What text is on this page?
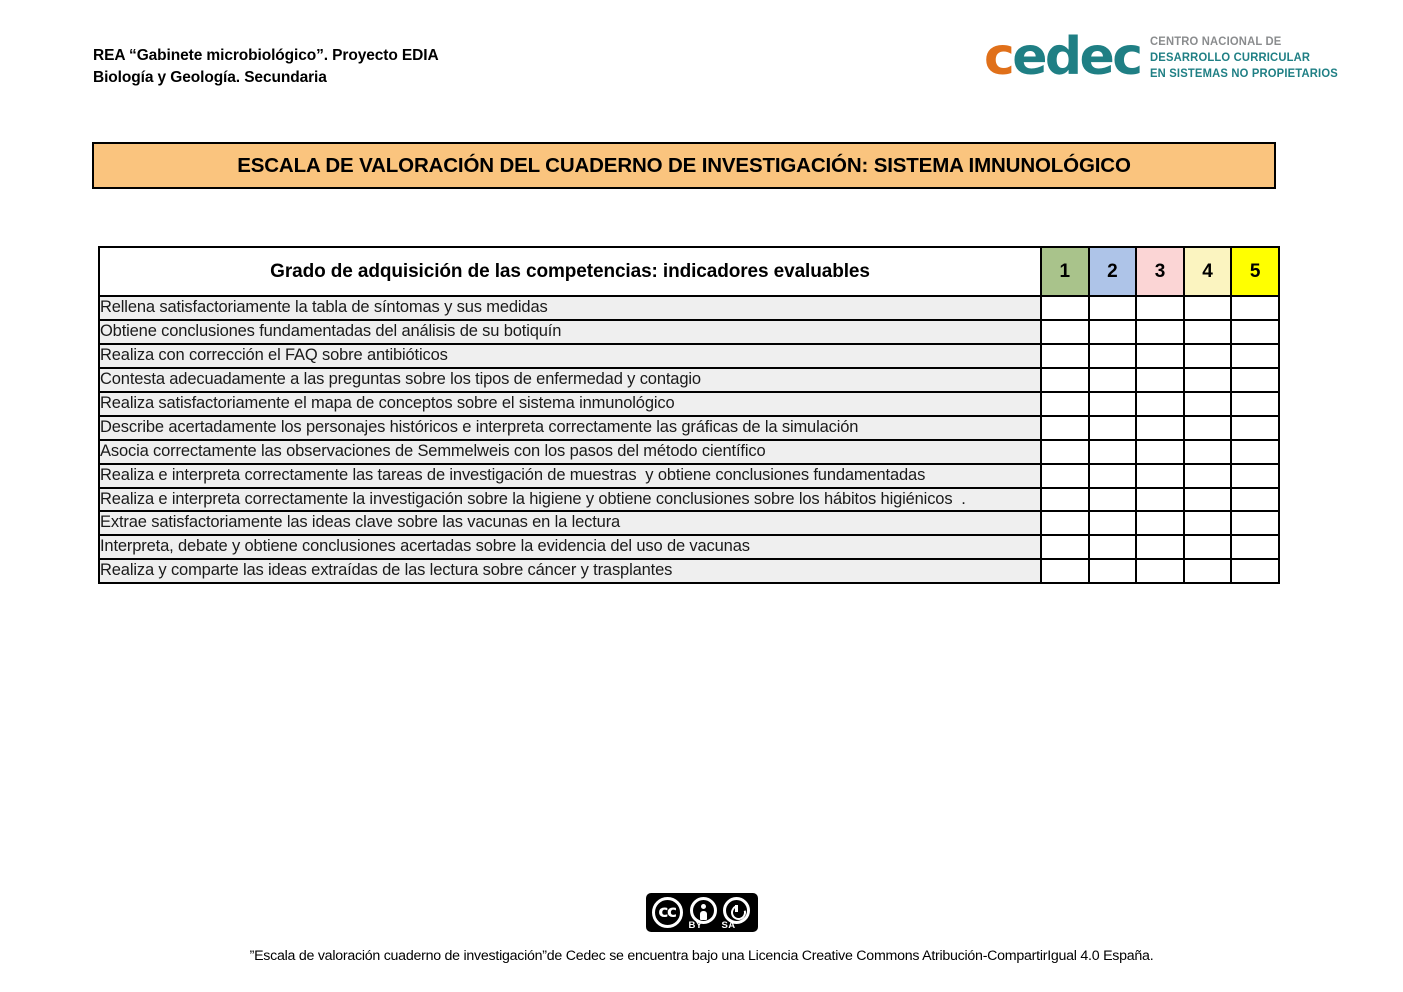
REA “Gabinete microbiológico”. Proyecto EDIA
Biología y Geología. Secundaria	cedec CENTRO NACIONAL DE
DESARROLLO CURRICULAR
EN SISTEMAS NO PROPIETARIOS
ESCALA DE VALORACIÓN DEL CUADERNO DE INVESTIGACIÓN: SISTEMA IMNUNOLÓGICO
Grado de adquisición de las competencias: indicadores evaluables	1	2	3	4	5
Rellena satisfactoriamente la tabla de síntomas y sus medidas					
Obtiene conclusiones fundamentadas del análisis de su botiquín					
Realiza con corrección el FAQ sobre antibióticos					
Contesta adecuadamente a las preguntas sobre los tipos de enfermedad y contagio					
Realiza satisfactoriamente el mapa de conceptos sobre el sistema inmunológico					
Describe acertadamente los personajes históricos e interpreta correctamente las gráficas de la simulación					
Asocia correctamente las observaciones de Semmelweis con los pasos del método científico					
Realiza e interpreta correctamente las tareas de investigación de muestras  y obtiene conclusiones fundamentadas					
Realiza e interpreta correctamente la investigación sobre la higiene y obtiene conclusiones sobre los hábitos higiénicos  .					
Extrae satisfactoriamente las ideas clave sobre las vacunas en la lectura					
Interpreta, debate y obtiene conclusiones acertadas sobre la evidencia del uso de vacunas					
Realiza y comparte las ideas extraídas de las lectura sobre cáncer y trasplantes					
cc
BY SA
”Escala de valoración cuaderno de investigación”de Cedec se encuentra bajo una Licencia Creative Commons Atribución-CompartirIgual 4.0 España.
